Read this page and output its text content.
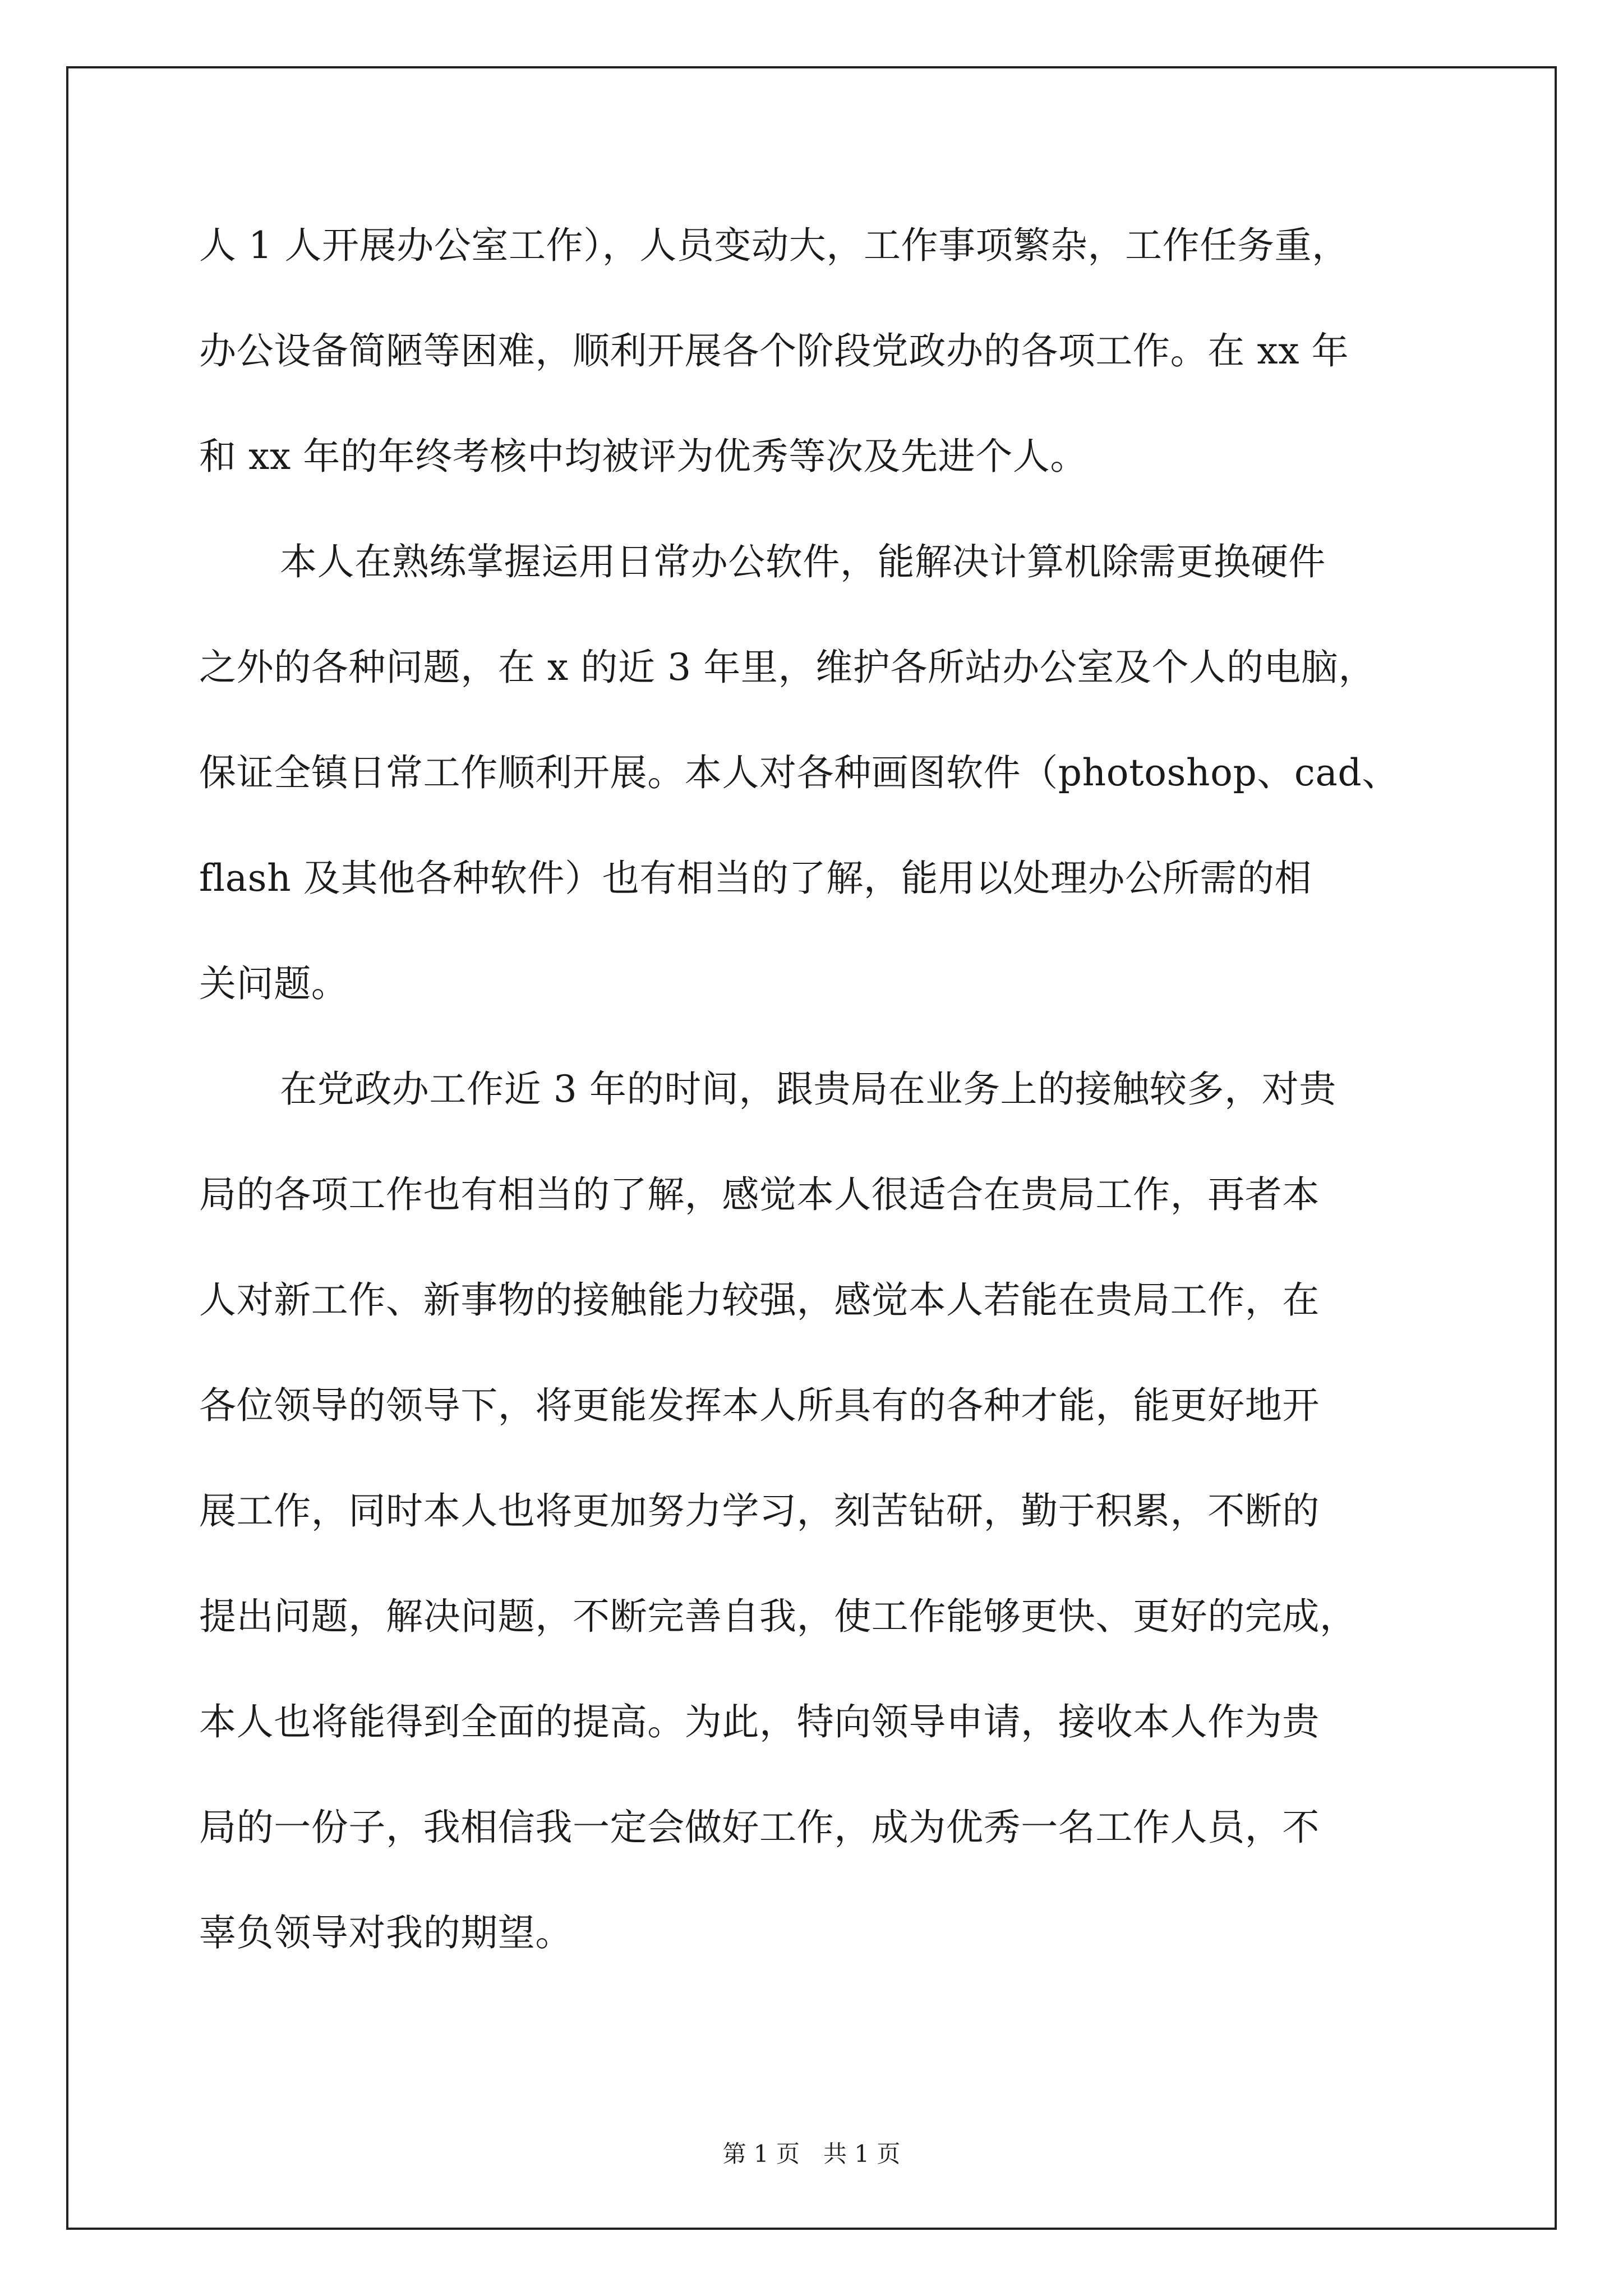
人 1 人开展办公室工作），人员变动大，工作事项繁杂，工作任务重，
办公设备简陋等困难，顺利开展各个阶段党政办的各项工作。在 xx 年
和 xx 年的年终考核中均被评为优秀等次及先进个人。
本人在熟练掌握运用日常办公软件，能解决计算机除需更换硬件
之外的各种问题，在 x 的近 3 年里，维护各所站办公室及个人的电脑，
保证全镇日常工作顺利开展。本人对各种画图软件（photoshop、cad、
flash 及其他各种软件）也有相当的了解，能用以处理办公所需的相
关问题。
在党政办工作近 3 年的时间，跟贵局在业务上的接触较多，对贵
局的各项工作也有相当的了解，感觉本人很适合在贵局工作，再者本
人对新工作、新事物的接触能力较强，感觉本人若能在贵局工作，在
各位领导的领导下，将更能发挥本人所具有的各种才能，能更好地开
展工作，同时本人也将更加努力学习，刻苦钻研，勤于积累，不断的
提出问题，解决问题，不断完善自我，使工作能够更快、更好的完成，
本人也将能得到全面的提高。为此，特向领导申请，接收本人作为贵
局的一份子，我相信我一定会做好工作，成为优秀一名工作人员，不
辜负领导对我的期望。
第 1 页　共 1 页
